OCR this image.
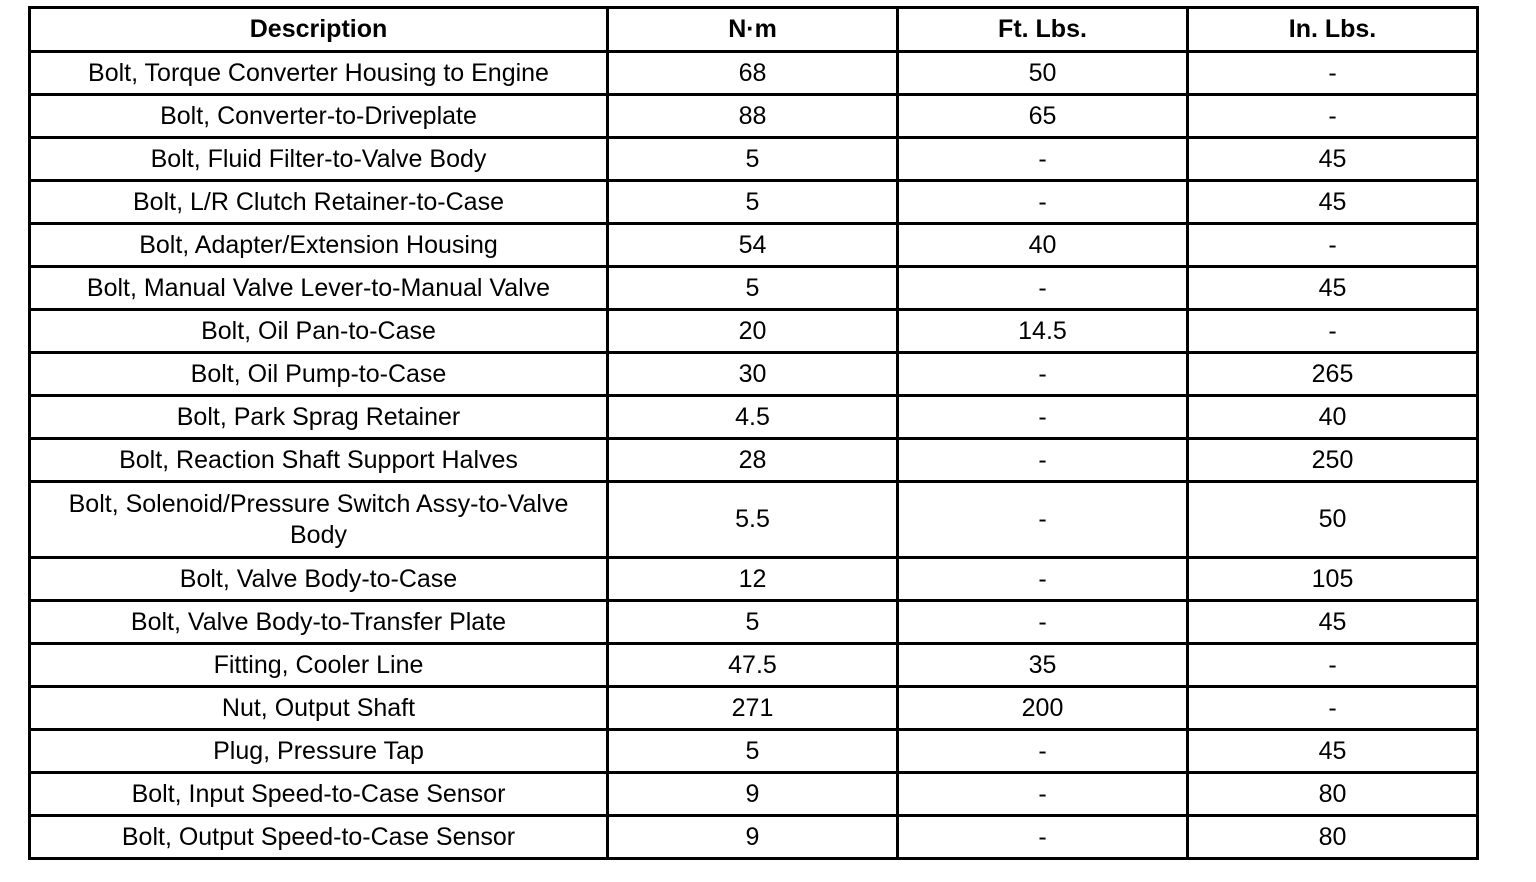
Description	N·m	Ft. Lbs.	In. Lbs.
Bolt, Torque Converter Housing to Engine	68	50	-
Bolt, Converter-to-Driveplate	88	65	-
Bolt, Fluid Filter-to-Valve Body	5	-	45
Bolt, L/R Clutch Retainer-to-Case	5	-	45
Bolt, Adapter/Extension Housing	54	40	-
Bolt, Manual Valve Lever-to-Manual Valve	5	-	45
Bolt, Oil Pan-to-Case	20	14.5	-
Bolt, Oil Pump-to-Case	30	-	265
Bolt, Park Sprag Retainer	4.5	-	40
Bolt, Reaction Shaft Support Halves	28	-	250
Bolt, Solenoid/Pressure Switch Assy-to-Valve Body	5.5	-	50
Bolt, Valve Body-to-Case	12	-	105
Bolt, Valve Body-to-Transfer Plate	5	-	45
Fitting, Cooler Line	47.5	35	-
Nut, Output Shaft	271	200	-
Plug, Pressure Tap	5	-	45
Bolt, Input Speed-to-Case Sensor	9	-	80
Bolt, Output Speed-to-Case Sensor	9	-	80
